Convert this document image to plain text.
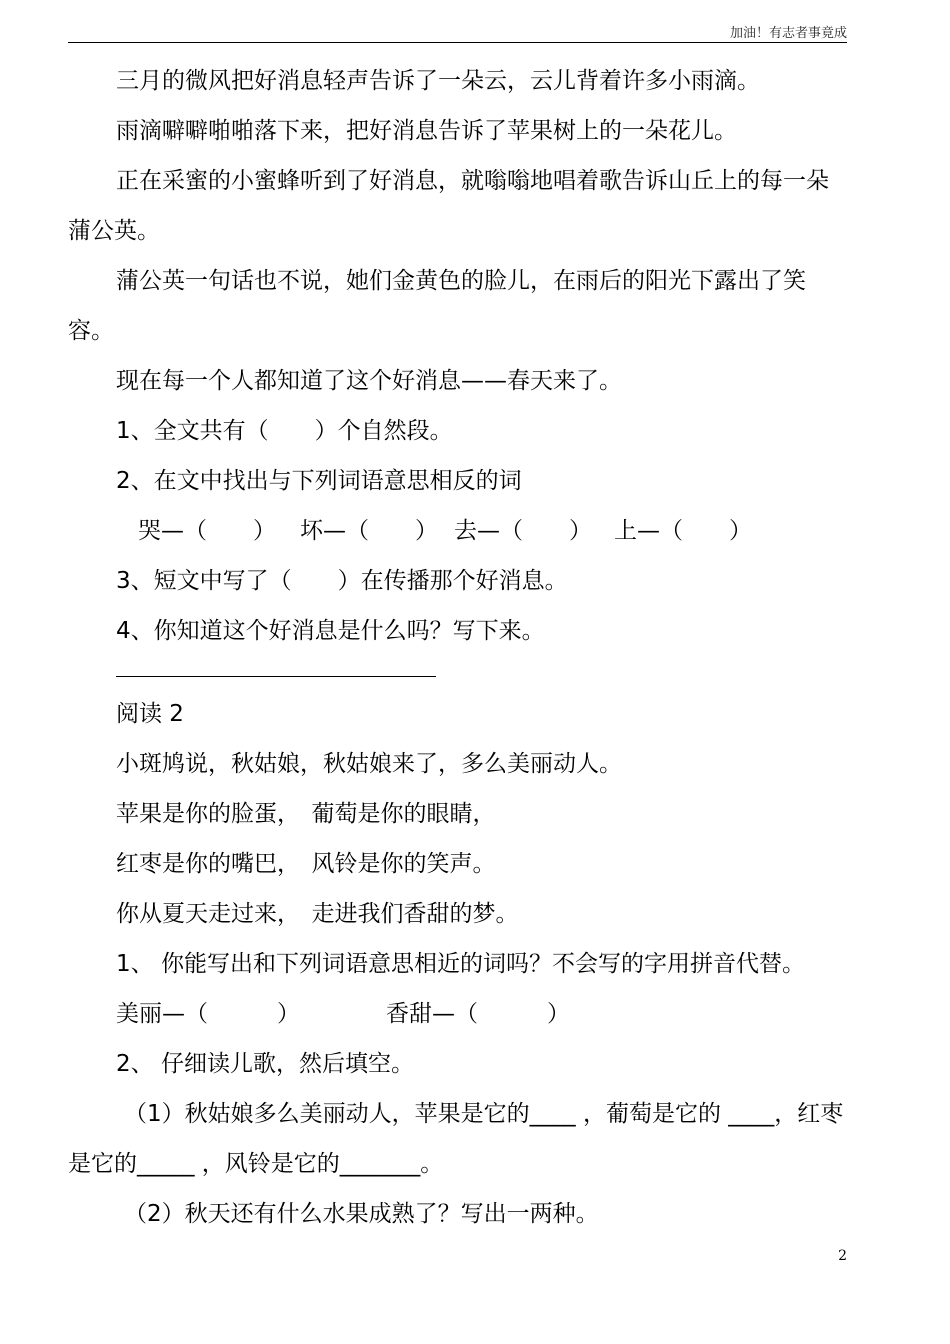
加油！有志者事竟成

三月的微风把好消息轻声告诉了一朵云，云儿背着许多小雨滴。

雨滴噼噼啪啪落下来，把好消息告诉了苹果树上的一朵花儿。

正在采蜜的小蜜蜂听到了好消息，就嗡嗡地唱着歌告诉山丘上的每一朵蒲公英。

蒲公英一句话也不说，她们金黄色的脸儿，在雨后的阳光下露出了笑容。

现在每一个人都知道了这个好消息——春天来了。

1、全文共有（　　）个自然段。

2、在文中找出与下列词语意思相反的词

哭—（　　） 坏—（　　） 去—（　　） 上—（　　）

3、短文中写了（　　）在传播那个好消息。

4、你知道这个好消息是什么吗？写下来。

阅读 2

小斑鸠说，秋姑娘，秋姑娘来了，多么美丽动人。

苹果是你的脸蛋，　葡萄是你的眼睛，

红枣是你的嘴巴，　风铃是你的笑声。

你从夏天走过来，　走进我们香甜的梦。

1、 你能写出和下列词语意思相近的词吗？不会写的字用拼音代替。

美丽—（　　　）	香甜—（　　　）

2、 仔细读儿歌，然后填空。

（1）秋姑娘多么美丽动人，苹果是它的____ ，葡萄是它的 ____，红枣是它的_____ ，风铃是它的_______。

（2）秋天还有什么水果成熟了？写出一两种。

2
